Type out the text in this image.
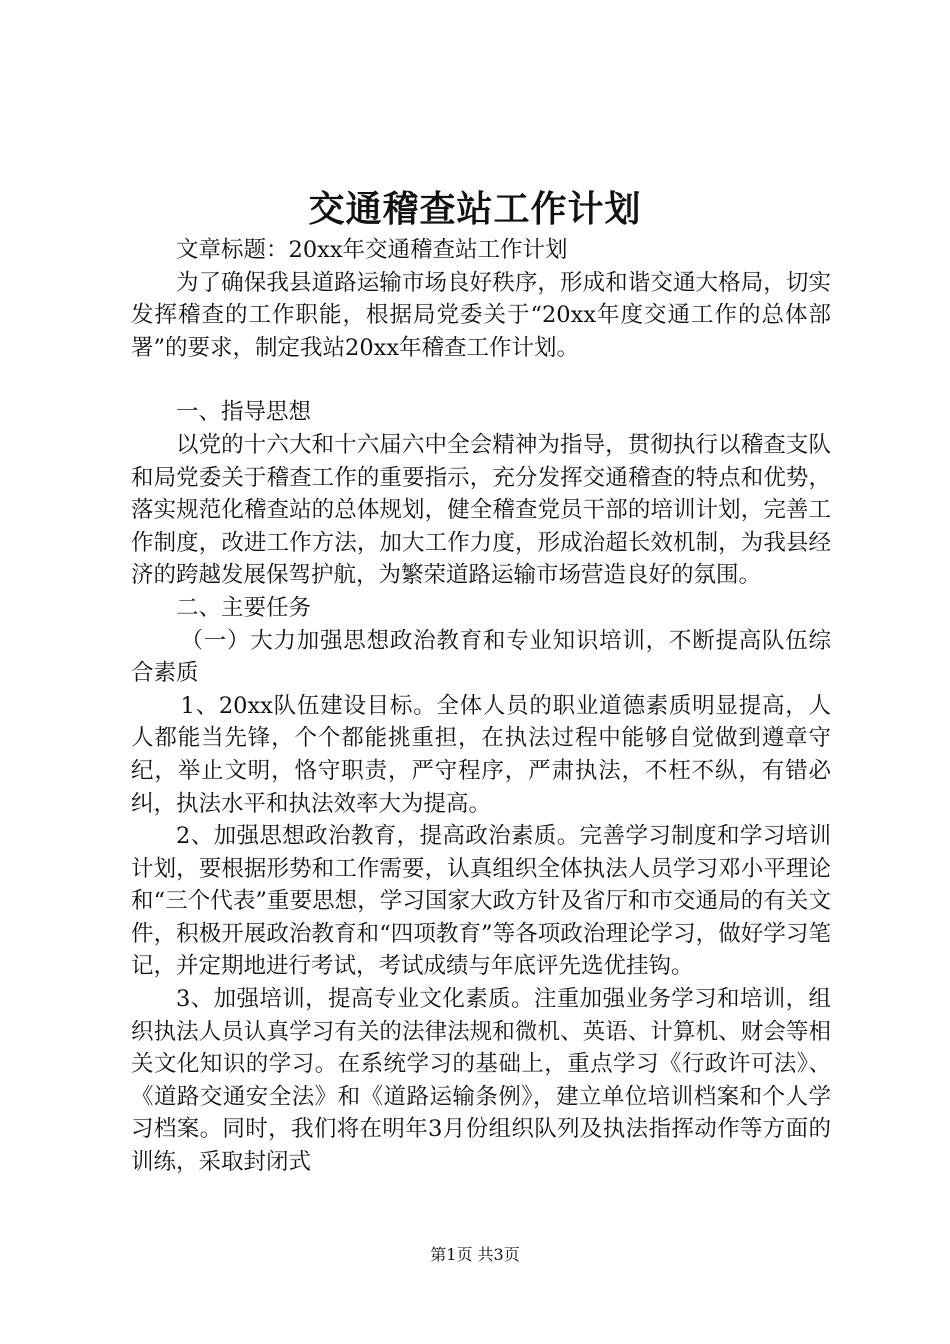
交通稽查站工作计划

文章标题：20xx年交通稽查站工作计划

为了确保我县道路运输市场良好秩序，形成和谐交通大格局，切实发挥稽查的工作职能，根据局党委关于“20xx年度交通工作的总体部署”的要求，制定我站20xx年稽查工作计划。

一、指导思想

以党的十六大和十六届六中全会精神为指导，贯彻执行以稽查支队和局党委关于稽查工作的重要指示，充分发挥交通稽查的特点和优势，落实规范化稽查站的总体规划，健全稽查党员干部的培训计划，完善工作制度，改进工作方法，加大工作力度，形成治超长效机制，为我县经济的跨越发展保驾护航，为繁荣道路运输市场营造良好的氛围。

二、主要任务

（一）大力加强思想政治教育和专业知识培训，不断提高队伍综合素质

1、20xx队伍建设目标。全体人员的职业道德素质明显提高，人人都能当先锋，个个都能挑重担，在执法过程中能够自觉做到遵章守纪，举止文明，恪守职责，严守程序，严肃执法，不枉不纵，有错必纠，执法水平和执法效率大为提高。

2、加强思想政治教育，提高政治素质。完善学习制度和学习培训计划，要根据形势和工作需要，认真组织全体执法人员学习邓小平理论和“三个代表”重要思想，学习国家大政方针及省厅和市交通局的有关文件，积极开展政治教育和“四项教育”等各项政治理论学习，做好学习笔记，并定期地进行考试，考试成绩与年底评先选优挂钩。

3、加强培训，提高专业文化素质。注重加强业务学习和培训，组织执法人员认真学习有关的法律法规和微机、英语、计算机、财会等相关文化知识的学习。在系统学习的基础上，重点学习《行政许可法》、《道路交通安全法》和《道路运输条例》，建立单位培训档案和个人学习档案。同时，我们将在明年3月份组织队列及执法指挥动作等方面的训练，采取封闭式

第1页 共3页
